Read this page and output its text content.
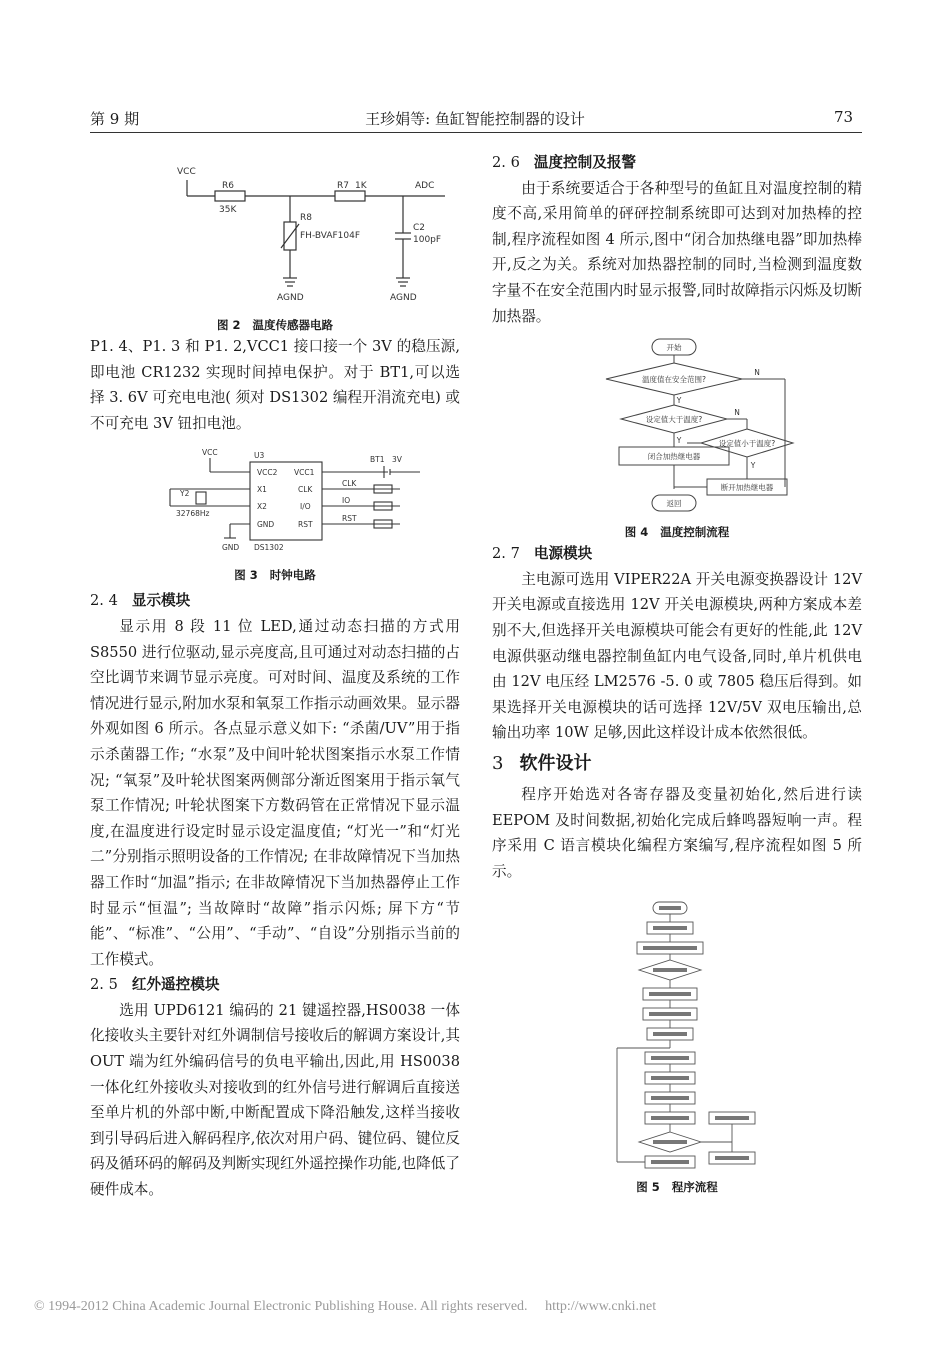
第 9 期	王珍娟等: 鱼缸智能控制器的设计	73
VCC
R6
35K
R7 1K	ADC
R8
FH-BVAF104F
C2
100pF
AGND	AGND
图 2 温度传感器电路

P1. 4、P1. 3 和 P1. 2,VCC1 接口接一个 3V 的稳压源,即电池 CR1232 实现时间掉电保护。对于 BT1,可以选择 3. 6V 可充电电池( 须对 DS1302 编程开涓流充电) 或不可充电 3V 钮扣电池。

VCC	U3
DS1302
BT1 3V
Y2
32768Hz
VCC2
X1
X2
GND
VCC1
CLK
I/O
RST
CLK
IO
RST
GND
图 3 时钟电路
2. 4 显示模块

显示用 8 段 11 位 LED,通过动态扫描的方式用 S8550 进行位驱动,显示亮度高,且可通过对动态扫描的占空比调节来调节显示亮度。可对时间、温度及系统的工作情况进行显示,附加水泵和氧泵工作指示动画效果。显示器外观如图 6 所示。各点显示意义如下: “杀菌/UV”用于指示杀菌器工作; “水泵”及中间叶轮状图案指示水泵工作情况; “氧泵”及叶轮状图案两侧部分渐近图案用于指示氧气泵工作情况; 叶轮状图案下方数码管在正常情况下显示温度,在温度进行设定时显示设定温度值; “灯光一”和“灯光二”分别指示照明设备的工作情况; 在非故障情况下当加热器工作时“加温”指示; 在非故障情况下当加热器停止工作时显示“恒温”; 当故障时“故障”指示闪烁; 屏下方“节能”、“标准”、“公用”、“手动”、“自设”分别指示当前的工作模式。

2. 5 红外遥控模块

选用 UPD6121 编码的 21 键遥控器,HS0038 一体化接收头主要针对红外调制信号接收后的解调方案设计,其 OUT 端为红外编码信号的负电平输出,因此,用 HS0038 一体化红外接收头对接收到的红外信号进行解调后直接送至单片机的外部中断,中断配置成下降沿触发,这样当接收到引导码后进入解码程序,依次对用户码、键位码、键位反码及循环码的解码及判断实现红外遥控操作功能,也降低了硬件成本。

2. 6 温度控制及报警

由于系统要适合于各种型号的鱼缸且对温度控制的精度不高,采用简单的砰砰控制系统即可达到对加热棒的控制,程序流程如图 4 所示,图中“闭合加热继电器”即加热棒开,反之为关。系统对加热器控制的同时,当检测到温度数字量不在安全范围内时显示报警,同时故障指示闪烁及切断加热器。

开始
温度值在安全范围?
设定值大于温度?
设定值小于温度?
闭合加热继电器
断开加热继电器
返回
Y
N
Y
N
Y
图 4 温度控制流程
2. 7 电源模块

主电源可选用 VIPER22A 开关电源变换器设计 12V 开关电源或直接选用 12V 开关电源模块,两种方案成本差别不大,但选择开关电源模块可能会有更好的性能,此 12V 电源供驱动继电器控制鱼缸内电气设备,同时,单片机供电由 12V 电压经 LM2576 -5. 0 或 7805 稳压后得到。如果选择开关电源模块的话可选择 12V/5V 双电压输出,总输出功率 10W 足够,因此这样设计成本依然很低。

3 软件设计

程序开始选对各寄存器及变量初始化,然后进行读 EEPOM 及时间数据,初始化完成后蜂鸣器短响一声。程序采用 C 语言模块化编程方案编写,程序流程如图 5 所示。

图 5 程序流程
© 1994-2012 China Academic Journal Electronic Publishing House. All rights reserved. http://www.cnki.net
